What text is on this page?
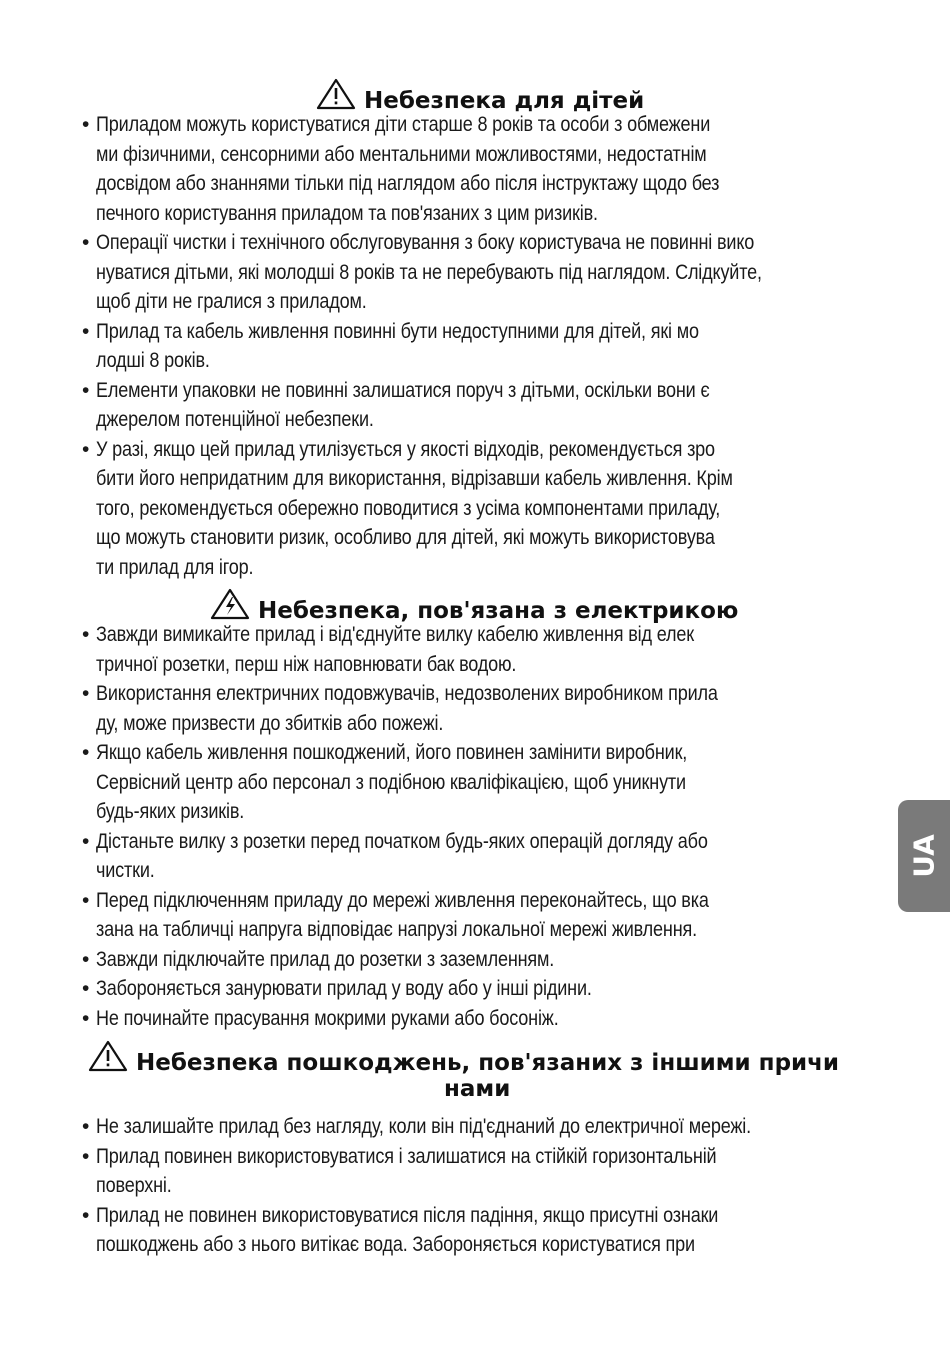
Небезпека для дітей
• Приладом можуть користуватися діти старше 8 років та особи з обмежени
ми фізичними, сенсорними або ментальними можливостями, недостатнім
досвідом або знаннями тільки під наглядом або після інструктажу щодо без
печного користування приладом та пов'язаних з цим ризиків.
• Операції чистки і технічного обслуговування з боку користувача не повинні вико
нуватися дітьми, які молодші 8 років та не перебувають під наглядом. Слідкуйте,
щоб діти не гралися з приладом.
• Прилад та кабель живлення повинні бути недоступними для дітей, які мо
лодші 8 років.
• Елементи упаковки не повинні залишатися поруч з дітьми, оскільки вони є
джерелом потенційної небезпеки.
• У разі, якщо цей прилад утилізується у якості відходів, рекомендується зро
бити його непридатним для використання, відрізавши кабель живлення. Крім
того, рекомендується обережно поводитися з усіма компонентами приладу,
що можуть становити ризик, особливо для дітей, які можуть використовува
ти прилад для ігор.
Небезпека, пов'язана з електрикою
• Завжди вимикайте прилад і від'єднуйте вилку кабелю живлення від елек
тричної розетки, перш ніж наповнювати бак водою.
• Використання електричних подовжувачів, недозволених виробником прила
ду, може призвести до збитків або пожежі.
• Якщо кабель живлення пошкоджений, його повинен замінити виробник,
Сервісний центр або персонал з подібною кваліфікацією, щоб уникнути
будь-яких ризиків.
• Дістаньте вилку з розетки перед початком будь-яких операцій догляду або
чистки.
• Перед підключенням приладу до мережі живлення переконайтесь, що вка
зана на табличці напруга відповідає напрузі локальної мережі живлення.
• Завжди підключайте прилад до розетки з заземленням.
• Забороняється занурювати прилад у воду або у інші рідини.
• Не починайте прасування мокрими руками або босоніж.
Небезпека пошкоджень, пов'язаних з іншими причи
нами
• Не залишайте прилад без нагляду, коли він під'єднаний до електричної мережі.
• Прилад повинен використовуватися і залишатися на стійкій горизонтальній
поверхні.
• Прилад не повинен використовуватися після падіння, якщо присутні ознаки
пошкоджень або з нього витікає вода. Забороняється користуватися при
UA
